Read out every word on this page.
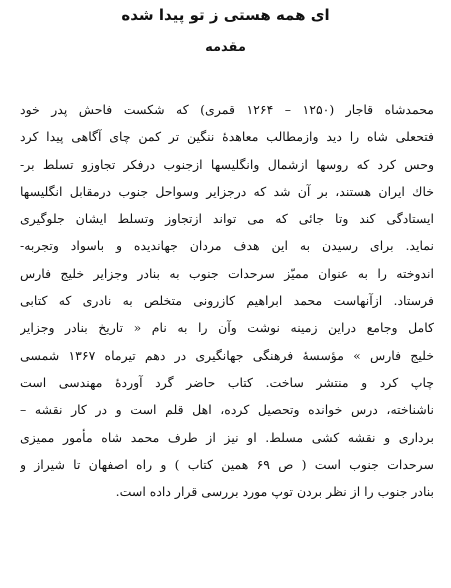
ای همه هستی ز تو پیدا شده
مقدمه
محمدشاه قاجار (۱۲۵۰ – ۱۲۶۴ قمری) که شکست فاحش پدر خود
فتحعلی شاه را دید وازمطالب معاهدهٔ ننگین تر کمن چای آگاهی پیدا کرد
وحس کرد که روسها ازشمال وانگلیسها ازجنوب درفکر تجاوزو تسلط بر-
خاك ایران هستند، بر آن شد که درجزایر وسواحل جنوب درمقابل انگلیسها
ایستادگی کند وتا جائی که می تواند ازتجاوز وتسلط ایشان جلوگیری
نماید. برای رسیدن به این هدف مردان جهاندیده و باسواد وتجربه-
اندوخته را به عنوان ممیّز سرحدات جنوب به بنادر وجزایر خلیج فارس
فرستاد. ازآنهاست محمد ابراهیم کازرونی متخلص به نادری که کتابی
کامل وجامع دراین زمینه نوشت وآن را به نام « تاریخ بنادر وجزایر
خلیج فارس » مؤسسهٔ فرهنگی جهانگیری در دهم تیرماه ۱۳۶۷ شمسی
چاپ کرد و منتشر ساخت. کتاب حاضر گرد آوردهٔ مهندسی است
ناشناخته، درس خوانده وتحصیل کرده، اهل قلم است و در کار نقشه –
برداری و نقشه کشی مسلط. او نیز از طرف محمد شاه مأمور ممیزی
سرحدات جنوب است ( ص ۶۹ همین کتاب ) و راه اصفهان تا شیراز و
بنادر جنوب را از نظر بردن توپ مورد بررسی قرار داده است.
